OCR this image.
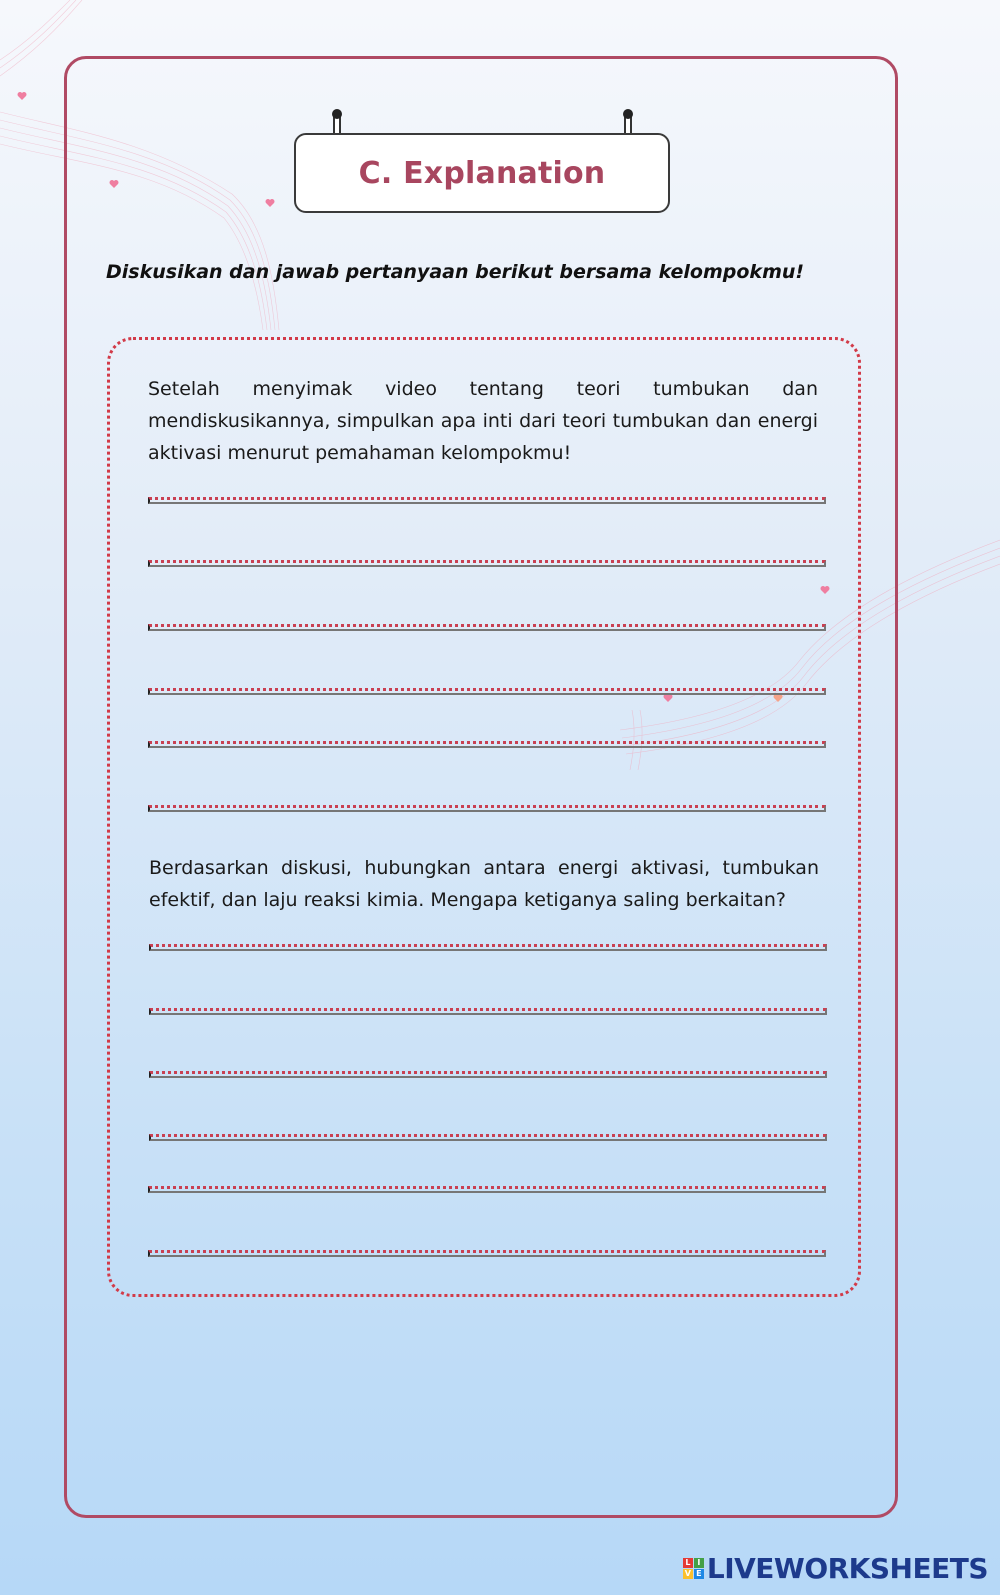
C. Explanation
Diskusikan dan jawab pertanyaan berikut bersama kelompokmu!
Setelah menyimak video tentang teori tumbukan dan mendiskusikannya, simpulkan apa inti dari teori tumbukan dan energi aktivasi menurut pemahaman kelompokmu!
Berdasarkan diskusi, hubungkan antara energi aktivasi, tumbukan efektif, dan laju reaksi kimia. Mengapa ketiganya saling berkaitan?
L I
V E LIVEWORKSHEETS
